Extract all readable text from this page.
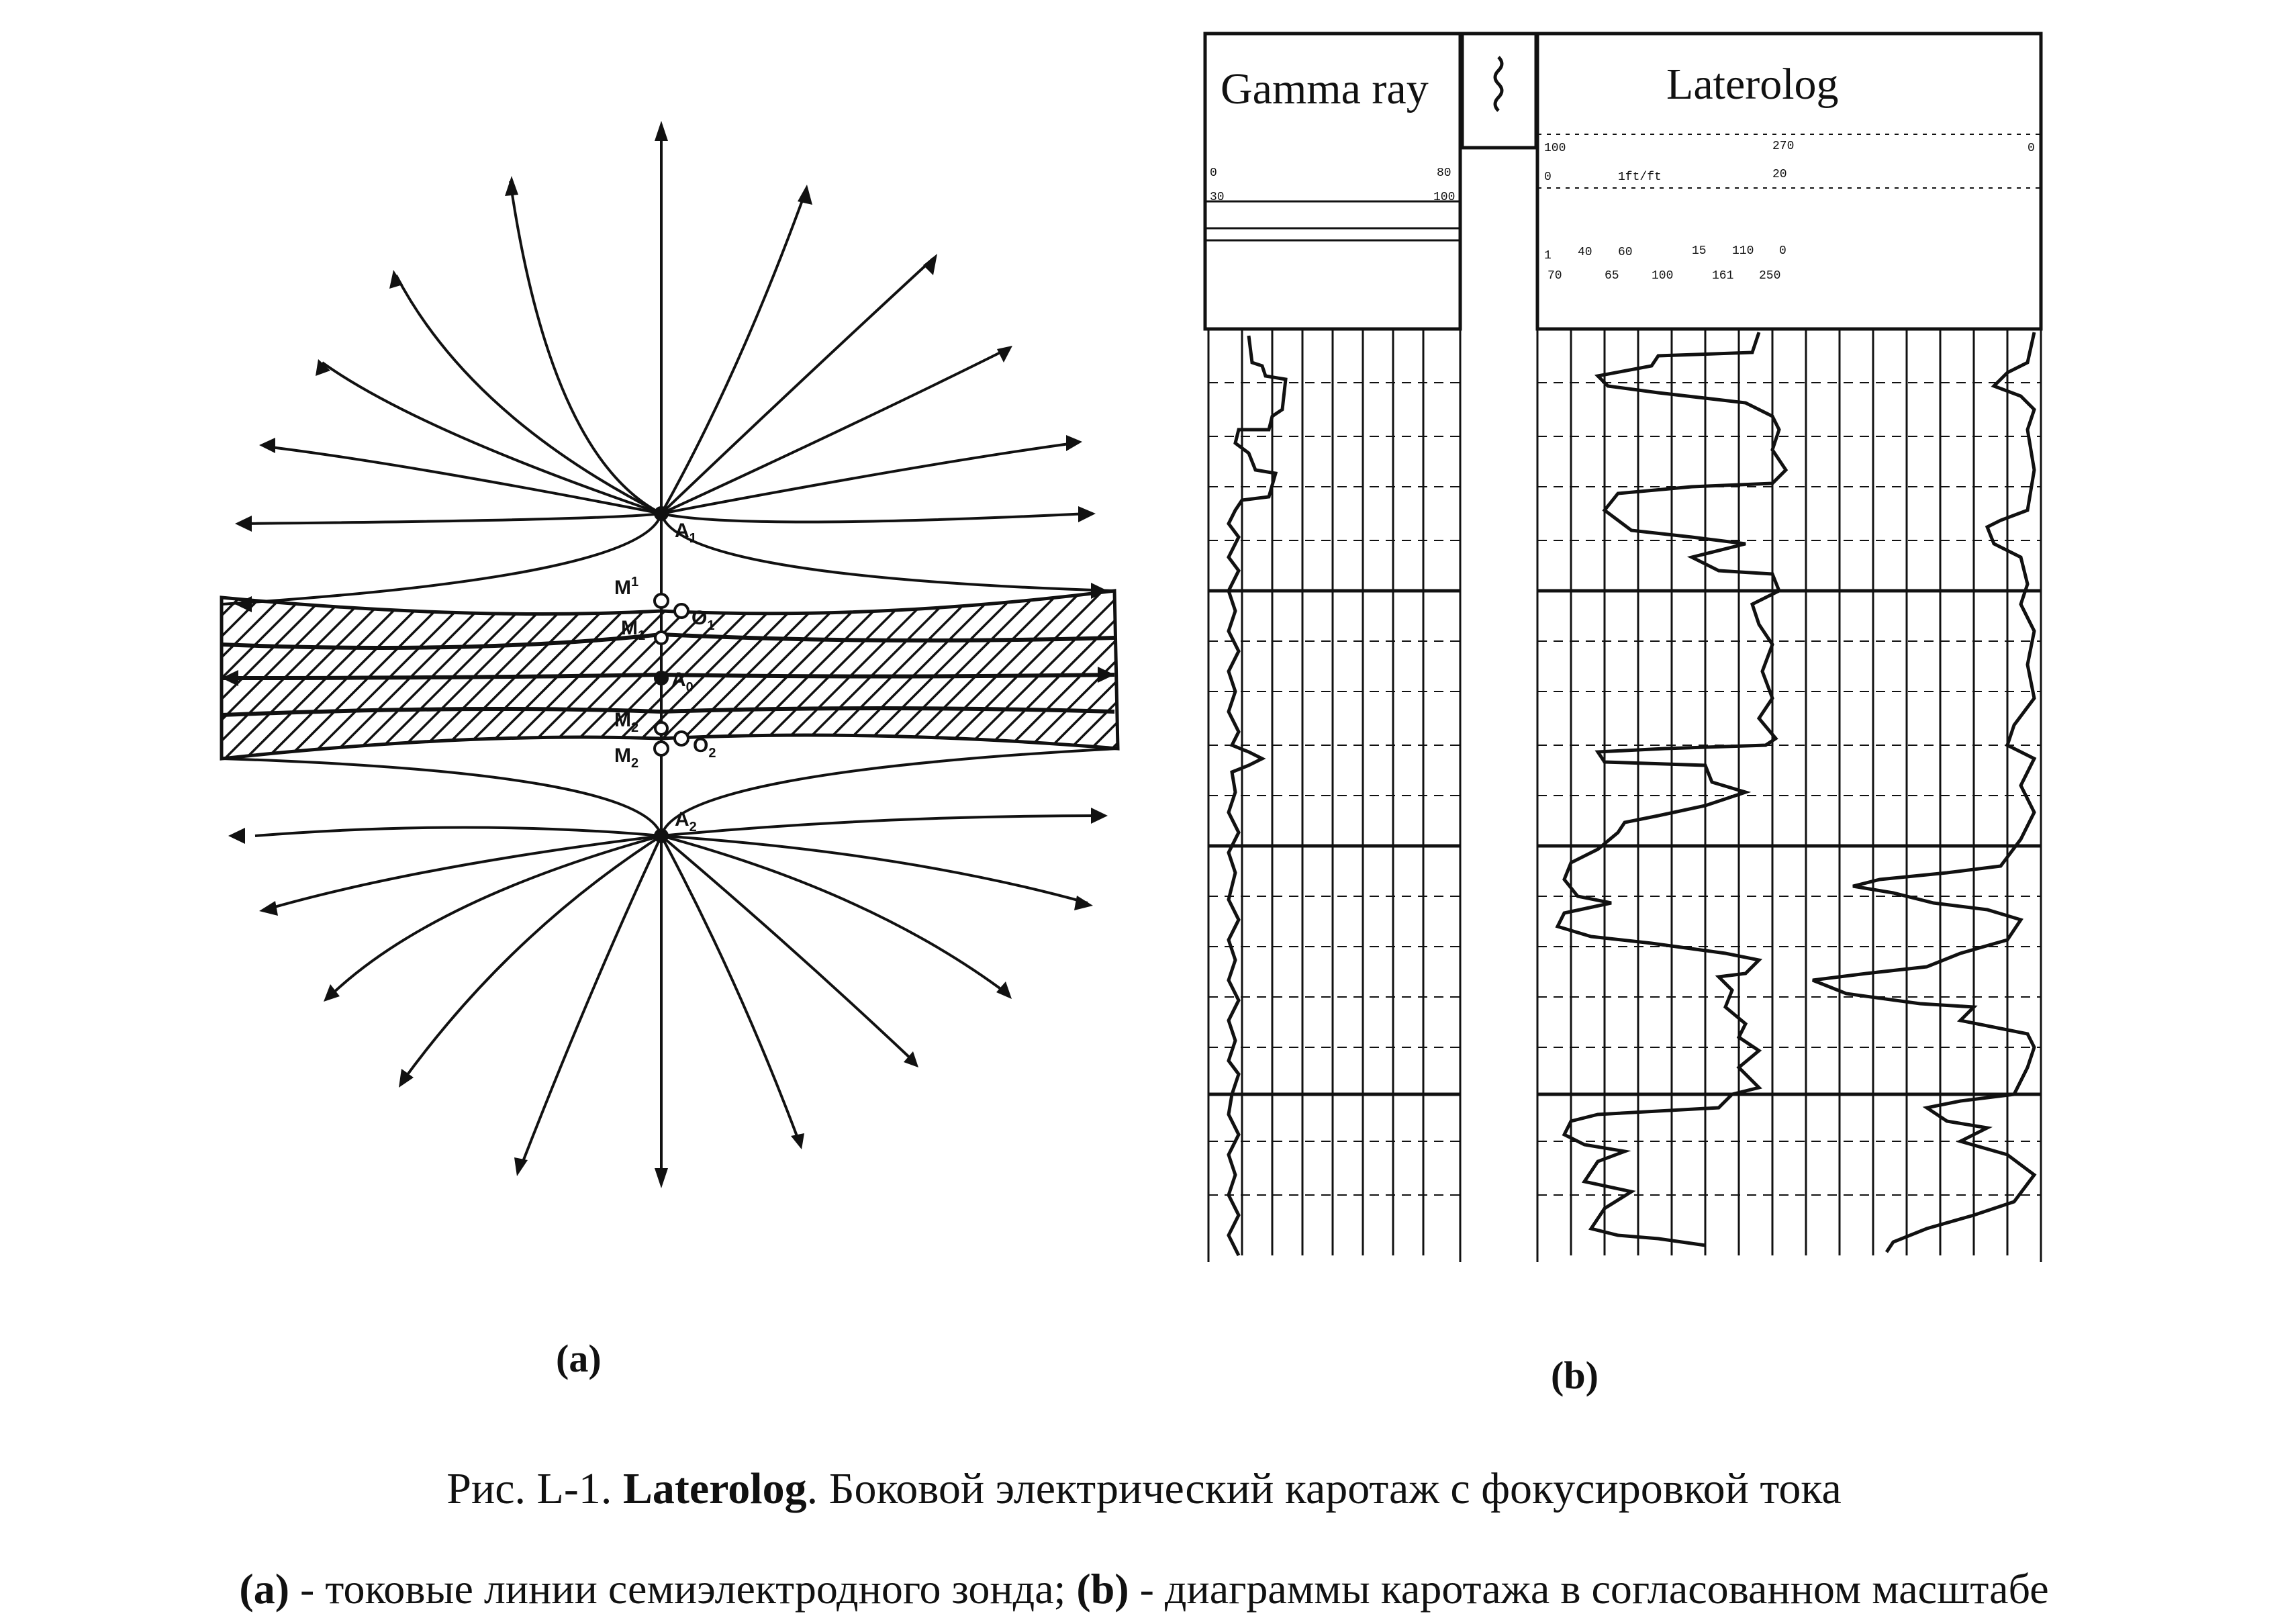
$A_1$
$A_2$
$A_0$
$M^1$
$O_1$
$M_1$
$M_2$
$O_2$
$M_2$
0	80
30	100
100	270	0
0	1ft/ft	20
1 40 60	15 110 0
70	65	100	161 250
Gamma ray	Laterolog
(a)	(b)
Рис. L-1. Laterolog. Боковой электрический каротаж с фокусировкой тока
(a) - токовые линии семиэлектродного зонда; (b) - диаграммы каротажа в согласованном масштабе
